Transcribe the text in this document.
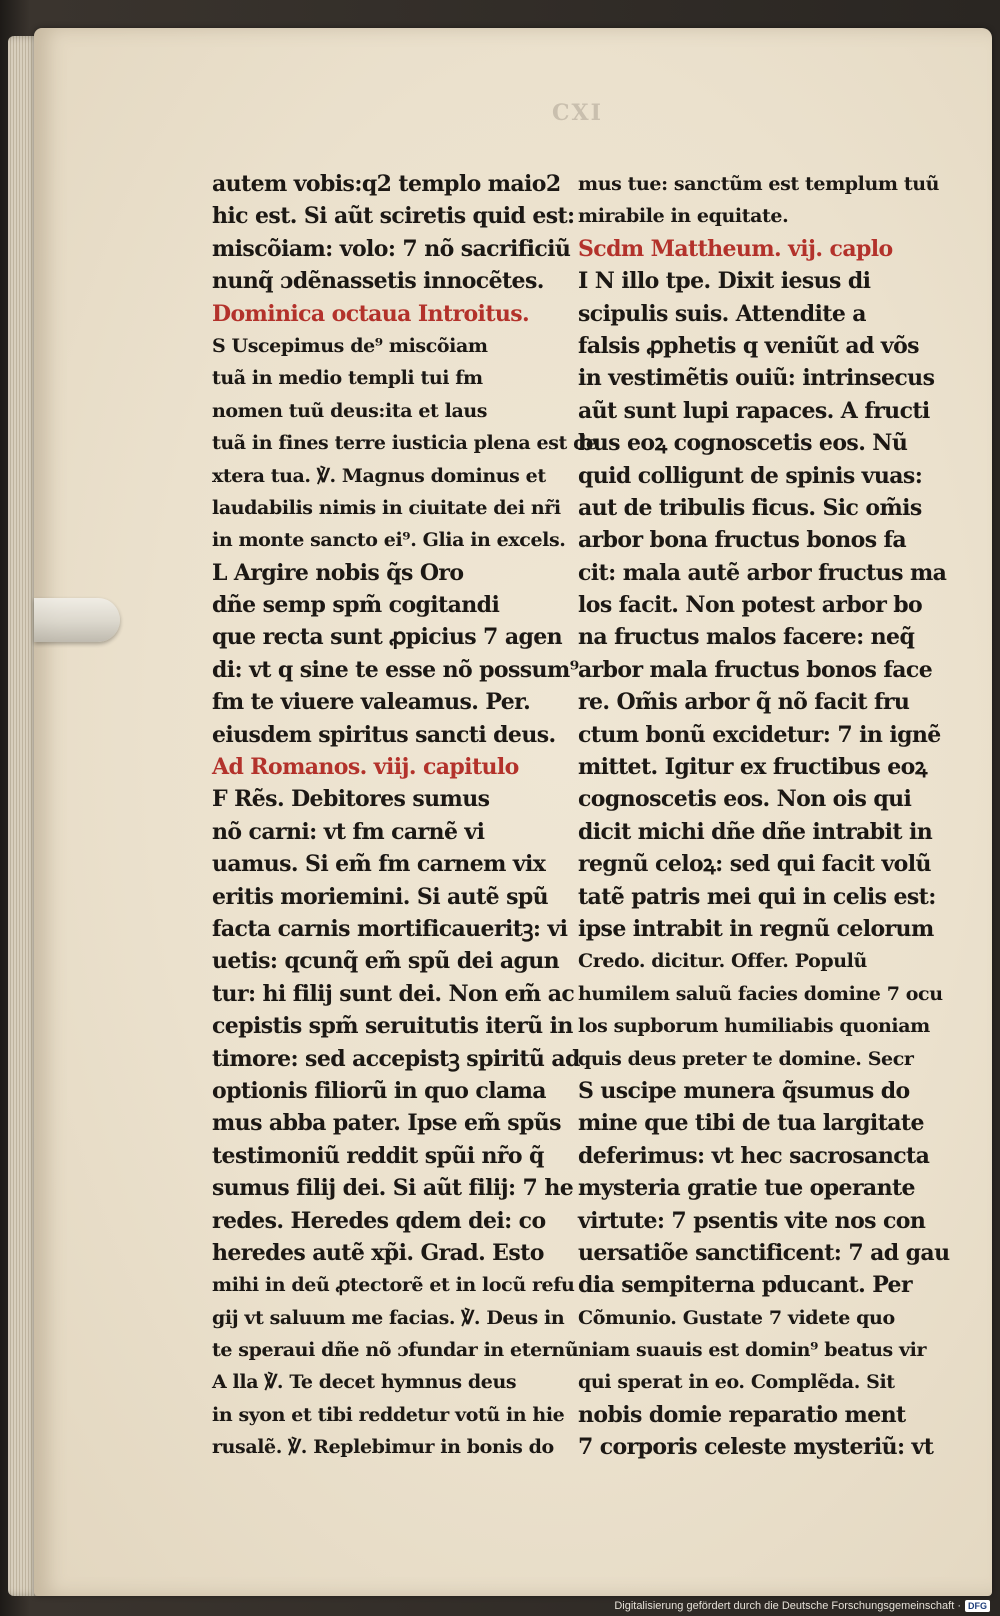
CXI
autem vobis:q2 templo maio2
hic est. Si aũt sciretis quid est:
miscõiam: volo: 7 nõ sacrificiũ
nunq̃ ɔdẽnassetis innocẽtes.
Dominica octaua Introitus.
S Uscepimus de⁹ miscõiam
tuã in medio templi tui fm
nomen tuũ deus:ita et laus
tuã in fines terre iusticia plena est de
xtera tua. ℣. Magnus dominus et
laudabilis nimis in ciuitate dei nr̃i
in monte sancto ei⁹. Glia in excels.
L Argire nobis q̃s Oro
dñe semp spm̃ cogitandi
que recta sunt ꝓpicius 7 agen
di: vt q sine te esse nõ possum⁹
fm te viuere valeamus. Per.
eiusdem spiritus sancti deus.
Ad Romanos. viij. capitulo
F Rẽs. Debitores sumus
nõ carni: vt fm carnẽ vi
uamus. Si em̃ fm carnem vix
eritis moriemini. Si autẽ spũ
facta carnis mortificaueritꝫ: vi
uetis: qcunq̃ em̃ spũ dei agun
tur: hi filij sunt dei. Non em̃ ac
cepistis spm̃ seruitutis iterũ in
timore: sed accepistꝫ spiritũ ad
optionis filiorũ in quo clama
mus abba pater. Ipse em̃ spũs
testimoniũ reddit spũi nr̃o q̃
sumus filij dei. Si aũt filij: 7 he
redes. Heredes qdem dei: co
heredes autẽ xp̃i. Grad. Esto
mihi in deũ ꝓtectorẽ et in locũ refu
gij vt saluum me facias. ℣. Deus in
te speraui dñe nõ ɔfundar in eternũ
A lla ℣. Te decet hymnus deus
in syon et tibi reddetur votũ in hie
rusalẽ. ℣. Replebimur in bonis do
mus tue: sanctũm est templum tuũ
mirabile in equitate.
Scdm Mattheum. vij. caplo
I N illo tpe. Dixit iesus di
scipulis suis. Attendite a
falsis ꝓphetis q veniũt ad võs
in vestimẽtis ouiũ: intrinsecus
aũt sunt lupi rapaces. A fructi
bus eoꝝ cognoscetis eos. Nũ
quid colligunt de spinis vuas:
aut de tribulis ficus. Sic om̃is
arbor bona fructus bonos fa
cit: mala autẽ arbor fructus ma
los facit. Non potest arbor bo
na fructus malos facere: neq̃
arbor mala fructus bonos face
re. Om̃is arbor q̃ nõ facit fru
ctum bonũ excidetur: 7 in ignẽ
mittet. Igitur ex fructibus eoꝝ
cognoscetis eos. Non ois qui
dicit michi dñe dñe intrabit in
regnũ celoꝝ: sed qui facit volũ
tatẽ patris mei qui in celis est:
ipse intrabit in regnũ celorum
Credo. dicitur. Offer. Populũ
humilem saluũ facies domine 7 ocu
los supborum humiliabis quoniam
quis deus preter te domine. Secr
S uscipe munera q̃sumus do
mine que tibi de tua largitate
deferimus: vt hec sacrosancta
mysteria gratie tue operante
virtute: 7 psentis vite nos con
uersatiõe sanctificent: 7 ad gau
dia sempiterna pducant. Per
Cõmunio. Gustate 7 videte quo
niam suauis est domin⁹ beatus vir
qui sperat in eo. Complẽda. Sit
nobis domie reparatio ment
7 corporis celeste mysteriũ: vt
Digitalisierung gefördert durch die Deutsche Forschungsgemeinschaft · DFG
